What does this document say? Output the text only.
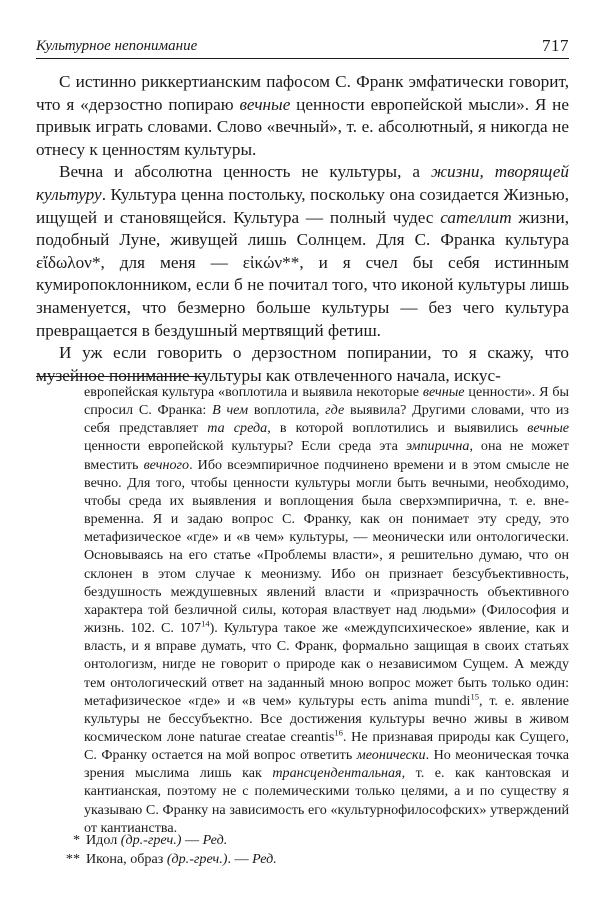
Культурное непонимание	717

С истинно риккертианским пафосом С. Франк эмфатически говорит, что я «дерзостно попираю вечные ценности европейской мысли». Я не привык играть словами. Слово «вечный», т. е. абсолютный, я никогда не отнесу к ценностям культуры.

Вечна и абсолютна ценность не культуры, а жизни, творящей культуру. Культура ценна постольку, поскольку она созидается Жизнью, ищущей и становящейся. Культура — полный чудес сателлит жизни, подобный Луне, живущей лишь Солнцем. Для С. Франка культура εἴδωλον*, для меня — εἰκών**, и я счел бы себя истинным кумиропоклонником, если б не почитал того, что иконой культуры лишь знаменуется, что безмерно больше культуры — без чего культура превращается в бездушный мертвящий фетиш.

И уж если говорить о дерзостном попирании, то я скажу, что музейное понимание культуры как отвлеченного начала, искус-

европейская культура «воплотила и выявила некоторые вечные ценности». Я бы спросил С. Франка: В чем воплотила, где выявила? Другими словами, что из себя представляет та среда, в которой воплотились и выявились вечные ценности европейской культуры? Если среда эта эмпирична, она не может вместить вечного. Ибо всеэмпиричное подчинено времени и в этом смысле не вечно. Для того, чтобы ценности культуры могли быть вечными, необходимо, чтобы среда их выявления и воплощения была сверхэмпирична, т. е. вне-временна. Я и задаю вопрос С. Франку, как он понимает эту среду, это метафизическое «где» и «в чем» культуры, — меонически или онтологически. Основываясь на его статье «Проблемы власти», я решительно думаю, что он склонен в этом случае к меонизму. Ибо он признает безсубъективность, бездушность междушевных явлений власти и «призрачность объективного характера той безличной силы, которая властвует над людьми» (Философия и жизнь. 102. С. $107^{14}$). Культура такое же «междупсихическое» явление, как и власть, и я вправе думать, что С. Франк, формально защищая в своих статьях онтологизм, нигде не говорит о природе как о независимом Сущем. А между тем онтологический ответ на заданный мною вопрос может быть только один: метафизическое «где» и «в чем» культуры есть anima mundi$^{15}$, т. е. явление культуры не бессубъектно. Все достижения культуры вечно живы в живом космическом лоне naturae creatae creantis$^{16}$. Не признавая природы как Сущего, С. Франку остается на мой вопрос ответить меонически. Но меоническая точка зрения мыслима лишь как трансцендентальная, т. е. как кантовская и кантианская, поэтому не с полемическими только целями, а и по существу я указываю С. Франку на зависимость его «культурнофилософских» утверждений от кантианства.

* Идол (др.-греч.) — Ред.
** Икона, образ (др.-греч.). — Ред.
